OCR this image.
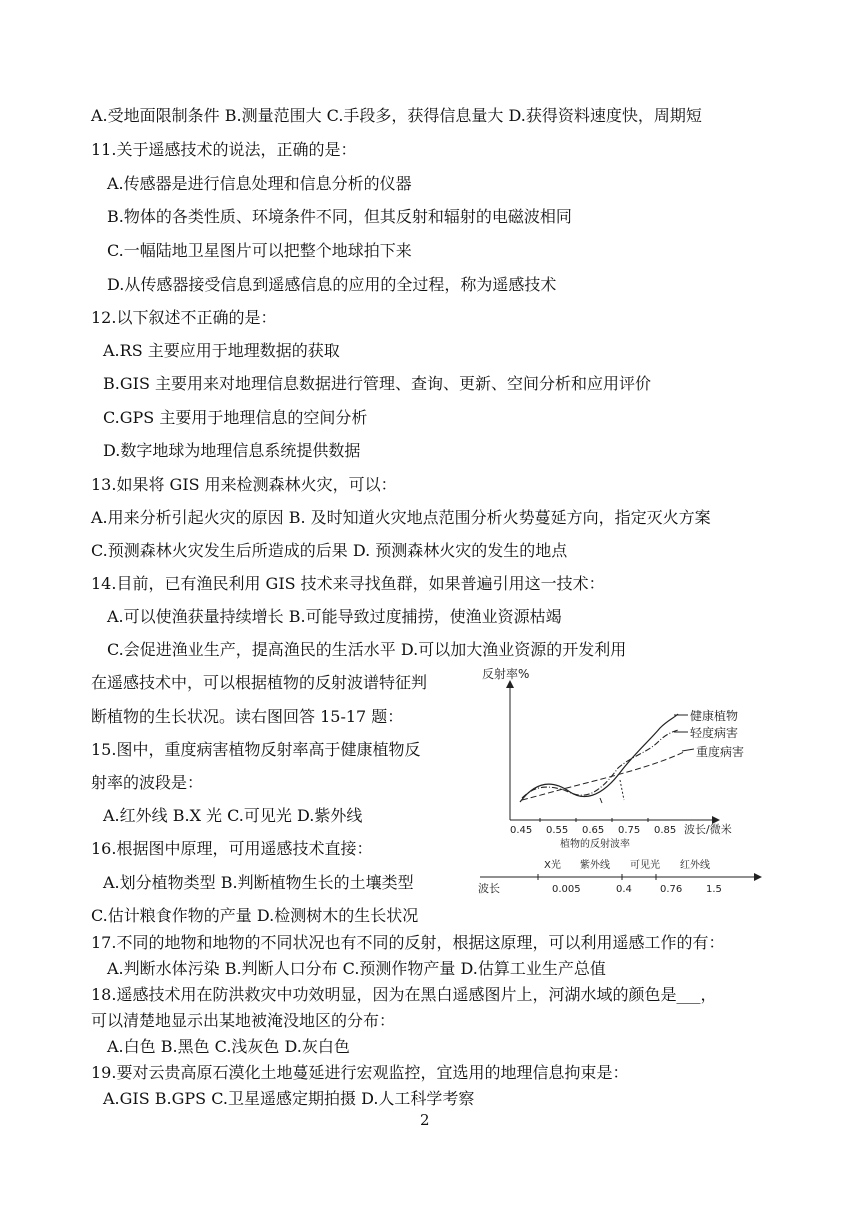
A.受地面限制条件 B.测量范围大 C.手段多，获得信息量大 D.获得资料速度快，周期短
11.关于遥感技术的说法，正确的是：
A.传感器是进行信息处理和信息分析的仪器
B.物体的各类性质、环境条件不同，但其反射和辐射的电磁波相同
C.一幅陆地卫星图片可以把整个地球拍下来
D.从传感器接受信息到遥感信息的应用的全过程，称为遥感技术
12.以下叙述不正确的是：
A.RS 主要应用于地理数据的获取
B.GIS 主要用来对地理信息数据进行管理、查询、更新、空间分析和应用评价
C.GPS 主要用于地理信息的空间分析
D.数字地球为地理信息系统提供数据
13.如果将 GIS 用来检测森林火灾，可以：
A.用来分析引起火灾的原因 B. 及时知道火灾地点范围分析火势蔓延方向，指定灭火方案
C.预测森林火灾发生后所造成的后果 D. 预测森林火灾的发生的地点
14.目前，已有渔民利用 GIS 技术来寻找鱼群，如果普遍引用这一技术：
A.可以使渔获量持续增长 B.可能导致过度捕捞，使渔业资源枯竭
C.会促进渔业生产，提高渔民的生活水平 D.可以加大渔业资源的开发利用
在遥感技术中，可以根据植物的反射波谱特征判
断植物的生长状况。读右图回答 15-17 题：
15.图中，重度病害植物反射率高于健康植物反
射率的波段是：
A.红外线 B.X 光 C.可见光 D.紫外线
16.根据图中原理，可用遥感技术直接：
A.划分植物类型 B.判断植物生长的土壤类型
C.估计粮食作物的产量 D.检测树木的生长状况
17.不同的地物和地物的不同状况也有不同的反射，根据这原理，可以利用遥感工作的有：
A.判断水体污染 B.判断人口分布 C.预测作物产量 D.估算工业生产总值
18.遥感技术用在防洪救灾中功效明显，因为在黑白遥感图片上，河湖水域的颜色是___，
可以清楚地显示出某地被淹没地区的分布：
A.白色 B.黑色 C.浅灰色 D.灰白色
19.要对云贵高原石漠化土地蔓延进行宏观监控，宜选用的地理信息拘束是：
A.GIS B.GPS C.卫星遥感定期拍摄 D.人工科学考察
2
反射率%
波长/微米
0.45 0.55 0.65 0.75 0.85
植物的反射波率
健康植物
轻度病害
重度病害
波长
X光 紫外线 可见光 红外线
0.005	0.4	0.76 1.5
